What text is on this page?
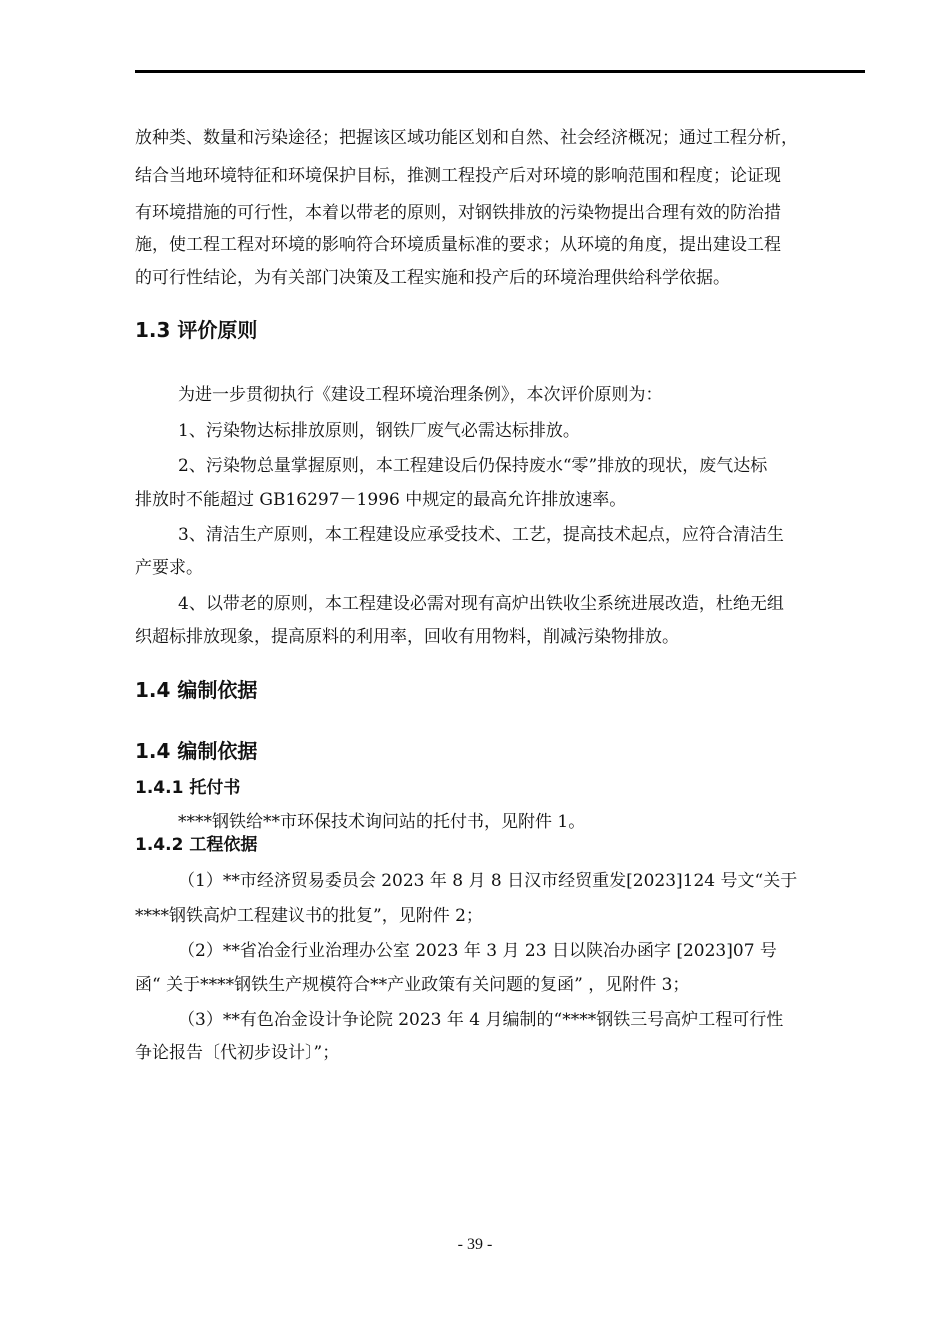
放种类、数量和污染途径；把握该区域功能区划和自然、社会经济概况；通过工程分析，
结合当地环境特征和环境保护目标，推测工程投产后对环境的影响范围和程度；论证现
有环境措施的可行性，本着以带老的原则，对钢铁排放的污染物提出合理有效的防治措
施，使工程工程对环境的影响符合环境质量标准的要求；从环境的角度，提出建设工程
的可行性结论，为有关部门决策及工程实施和投产后的环境治理供给科学依据。
1.3 评价原则
为进一步贯彻执行《建设工程环境治理条例》，本次评价原则为：
1、污染物达标排放原则，钢铁厂废气必需达标排放。
2、污染物总量掌握原则，本工程建设后仍保持废水“零”排放的现状，废气达标
排放时不能超过 GB16297－1996 中规定的最高允许排放速率。
3、清洁生产原则，本工程建设应承受技术、工艺，提高技术起点，应符合清洁生
产要求。
4、以带老的原则，本工程建设必需对现有高炉出铁收尘系统进展改造，杜绝无组
织超标排放现象，提高原料的利用率，回收有用物料，削减污染物排放。
1.4 编制依据
1.4 编制依据
1.4.1 托付书
****钢铁给**市环保技术询问站的托付书，见附件 1。
1.4.2 工程依据
（1）**市经济贸易委员会 2023 年 8 月 8 日汉市经贸重发[2023]124 号文“关于
****钢铁高炉工程建议书的批复”，见附件 2；
（2）**省冶金行业治理办公室 2023 年 3 月 23 日以陕冶办函字 [2023]07 号
函“ 关于****钢铁生产规模符合**产业政策有关问题的复函” ，见附件 3；
（3）**有色冶金设计争论院 2023 年 4 月编制的“****钢铁三号高炉工程可行性
争论报告〔代初步设计〕”；
- 39 -
